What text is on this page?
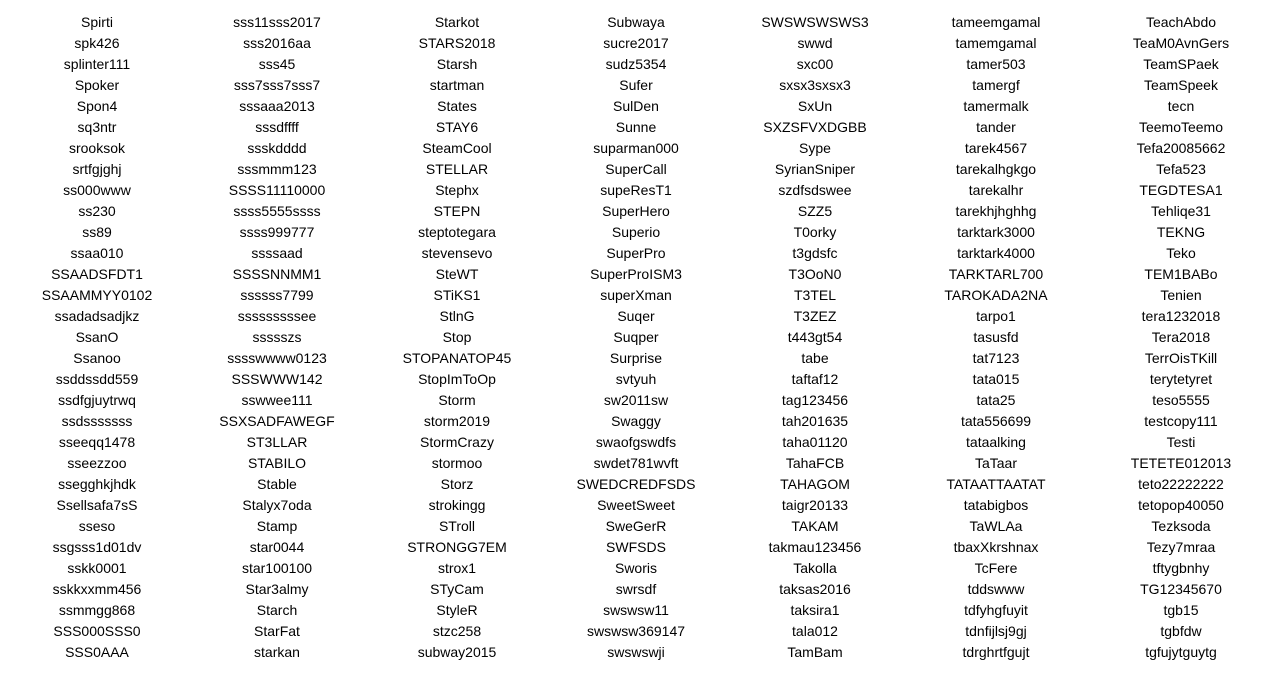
Spirti	sss11sss2017	Starkot	Subwaya	SWSWSWSWS3	tameemgamal	TeachAbdo
spk426	sss2016aa	STARS2018	sucre2017	swwd	tamemgamal	TeaM0AvnGers
splinter111	sss45	Starsh	sudz5354	sxc00	tamer503	TeamSPaek
Spoker	sss7sss7sss7	startman	Sufer	sxsx3sxsx3	tamergf	TeamSpeek
Spon4	sssaaa2013	States	SulDen	SxUn	tamermalk	tecn
sq3ntr	sssdffff	STAY6	Sunne	SXZSFVXDGBB	tander	TeemoTeemo
srooksok	ssskdddd	SteamCool	suparman000	Sype	tarek4567	Tefa20085662
srtfgjghj	sssmmm123	STELLAR	SuperCall	SyrianSniper	tarekalhgkgo	Tefa523
ss000www	SSSS11110000	Stephx	supeResT1	szdfsdswee	tarekalhr	TEGDTESA1
ss230	ssss5555ssss	STEPN	SuperHero	SZZ5	tarekhjhghhg	Tehliqe31
ss89	ssss999777	steptotegara	Superio	T0orky	tarktark3000	TEKNG
ssaa010	ssssaad	stevensevo	SuperPro	t3gdsfc	tarktark4000	Teko
SSAADSFDT1	SSSSNNMM1	SteWT	SuperProISM3	T3OoN0	TARKTARL700	TEM1BABo
SSAAMMYY0102	ssssss7799	STiKS1	superXman	T3TEL	TAROKADA2NA	Tenien
ssadadsadjkz	sssssssssee	StlnG	Suqer	T3ZEZ	tarpo1	tera1232018
SsanO	ssssszs	Stop	Suqper	t443gt54	tasusfd	Tera2018
Ssanoo	sssswwww0123	STOPANATOP45	Surprise	tabe	tat7123	TerrOisTKill
ssddssdd559	SSSWWW142	StopImToOp	svtyuh	taftaf12	tata015	terytetyret
ssdfgjuytrwq	sswwee111	Storm	sw2011sw	tag123456	tata25	teso5555
ssdsssssss	SSXSADFAWEGF	storm2019	Swaggy	tah201635	tata556699	testcopy111
sseeqq1478	ST3LLAR	StormCrazy	swaofgswdfs	taha01120	tataalking	Testi
sseezzoo	STABILO	stormoo	swdet781wvft	TahaFCB	TaTaar	TETETE012013
ssegghkjhdk	Stable	Storz	SWEDCREDFSDS	TAHAGOM	TATAATTAATAT	teto22222222
Ssellsafa7sS	Stalyx7oda	strokingg	SweetSweet	taigr20133	tatabigbos	tetopop40050
sseso	Stamp	STroll	SweGerR	TAKAM	TaWLAa	Tezksoda
ssgsss1d01dv	star0044	STRONGG7EM	SWFSDS	takmau123456	tbaxXkrshnax	Tezy7mraa
sskk0001	star100100	strox1	Sworis	Takolla	TcFere	tftygbnhy
sskkxxmm456	Star3almy	STyCam	swrsdf	taksas2016	tddswww	TG12345670
ssmmgg868	Starch	StyleR	swswsw11	taksira1	tdfyhgfuyit	tgb15
SSS000SSS0	StarFat	stzc258	swswsw369147	tala012	tdnfijlsj9gj	tgbfdw
SSS0AAA	starkan	subway2015	swswswji	TamBam	tdrghrtfgujt	tgfujytguytg
